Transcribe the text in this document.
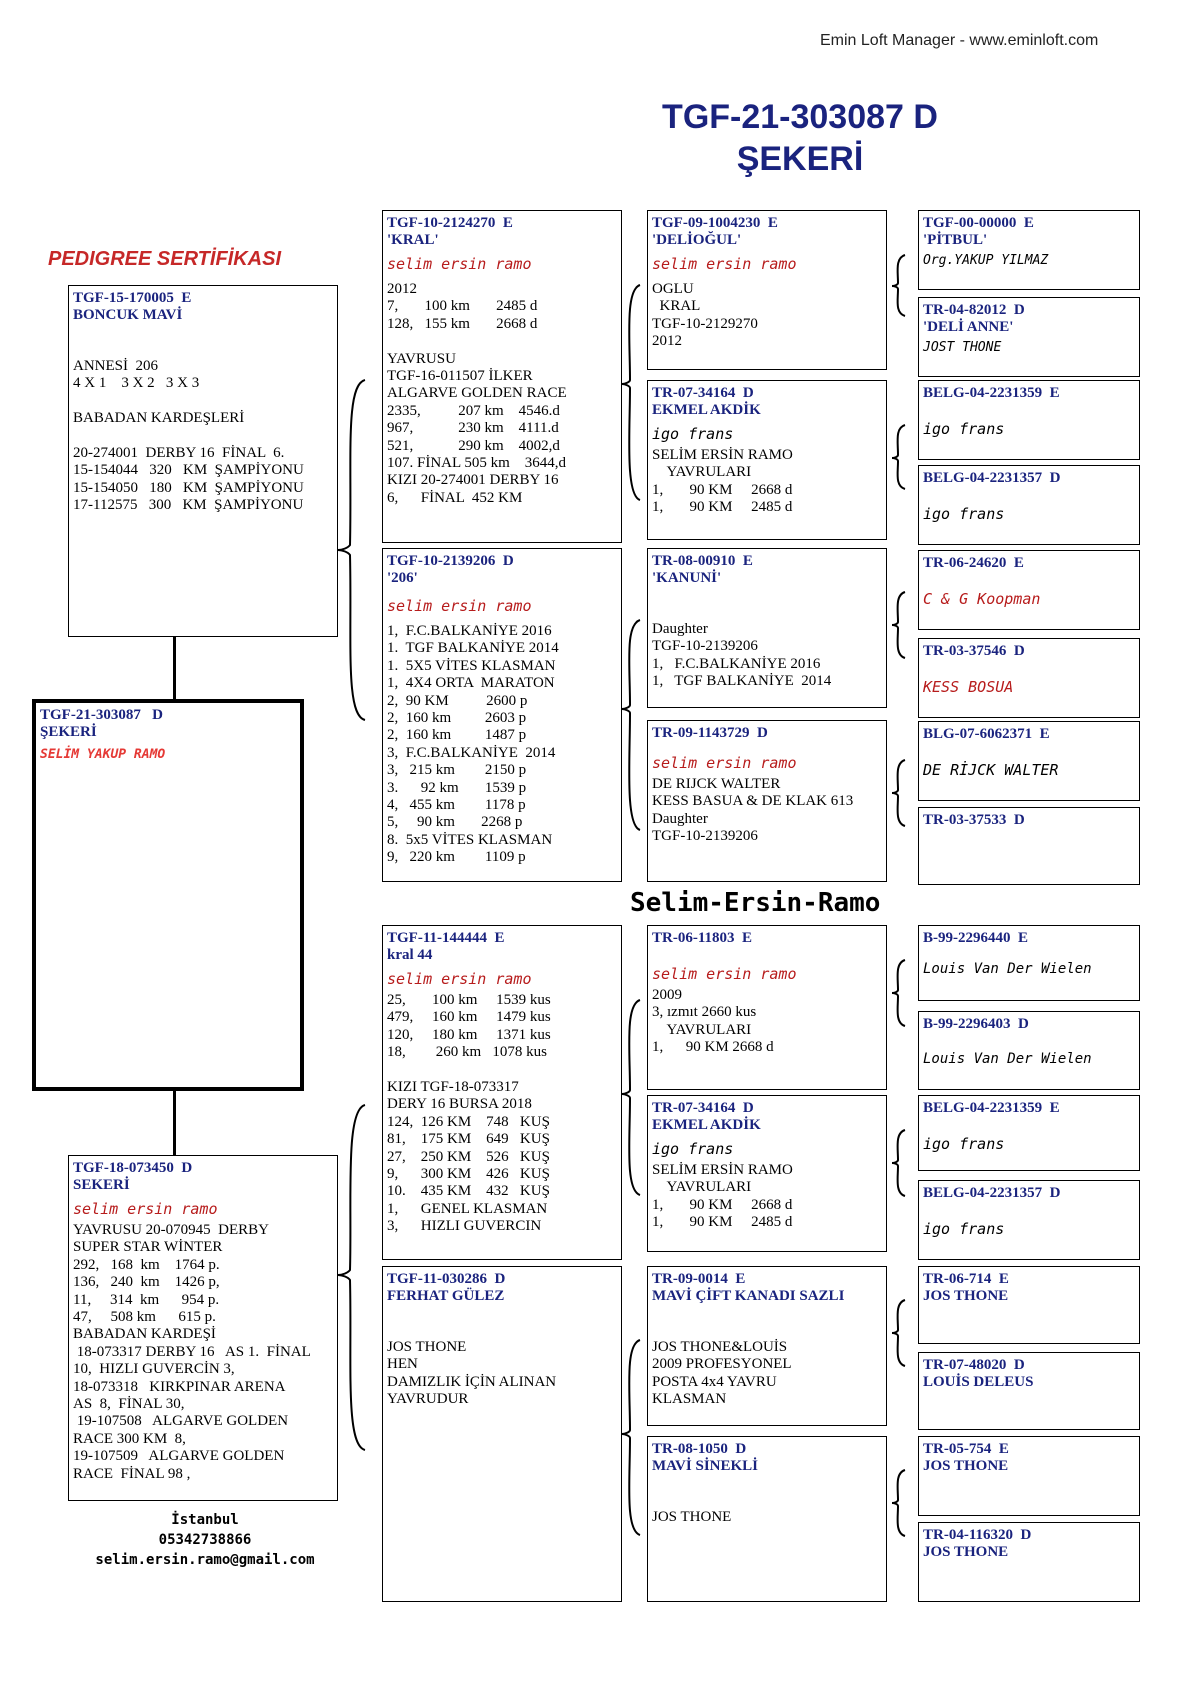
Emin Loft Manager - www.eminloft.com
TGF-21-303087 D
ŞEKERİ
PEDIGREE SERTİFİKASI
Selim-Ersin-Ramo
TGF-15-170005  E
BONCUK MAVİ
ANNESİ  206
4 X 1    3 X 2   3 X 3

BABADAN KARDEŞLERİ

20-274001  DERBY 16  FİNAL  6.
15-154044   320   KM  ŞAMPİYONU
15-154050   180   KM  ŞAMPİYONU
17-112575   300   KM  ŞAMPİYONU
TGF-21-303087   D
ŞEKERİ
SELİM YAKUP RAMO
TGF-18-073450  D
SEKERİ
selim ersin ramo
YAVRUSU 20-070945  DERBY
SUPER STAR WİNTER
292,   168  km    1764 p.
136,   240  km    1426 p,
11,     314  km      954 p.
47,     508 km      615 p.
BABADAN KARDEŞİ
18-073317 DERBY 16   AS 1.  FİNAL
10,  HIZLI GUVERCİN 3,
18-073318   KIRKPINAR ARENA
AS  8,  FİNAL 30,
19-107508   ALGARVE GOLDEN
RACE 300 KM  8,
19-107509   ALGARVE GOLDEN
RACE  FİNAL 98 ,
İstanbul
05342738866
selim.ersin.ramo@gmail.com
TGF-10-2124270  E
'KRAL'
selim ersin ramo
2012
7,       100 km       2485 d
128,   155 km       2668 d

YAVRUSU
TGF-16-011507 İLKER
ALGARVE GOLDEN RACE
2335,          207 km    4546.d
967,            230 km    4111.d
521,            290 km    4002,d
107. FİNAL 505 km    3644,d
KIZI 20-274001 DERBY 16
6,      FİNAL  452 KM
TGF-10-2139206  D
'206'
selim ersin ramo
1,  F.C.BALKANİYE 2016
1.  TGF BALKANİYE 2014
1.  5X5 VİTES KLASMAN
1,  4X4 ORTA  MARATON
2,  90 KM          2600 p
2,  160 km         2603 p
2,  160 km         1487 p
3,  F.C.BALKANİYE  2014
3,   215 km        2150 p
3.      92 km       1539 p
4,   455 km        1178 p
5,     90 km       2268 p
8.  5x5 VİTES KLASMAN
9,   220 km        1109 p
TGF-09-1004230  E
'DELİOĞUL'
selim ersin ramo
OGLU
KRAL
TGF-10-2129270
2012
TR-07-34164  D
EKMEL AKDİK
igo frans
SELİM ERSİN RAMO
YAVRULARI
1,       90 KM     2668 d
1,       90 KM     2485 d
TR-08-00910  E
'KANUNİ'
Daughter
TGF-10-2139206
1,   F.C.BALKANİYE 2016
1,   TGF BALKANİYE  2014
TR-09-1143729  D
selim ersin ramo
DE RIJCK WALTER
KESS BASUA & DE KLAK 613
Daughter
TGF-10-2139206
TGF-00-00000  E
'PİTBUL'
Org.YAKUP YILMAZ
TR-04-82012  D
'DELİ ANNE'
JOST THONE
BELG-04-2231359  E
igo frans
BELG-04-2231357  D
igo frans
TR-06-24620  E
C & G Koopman
TR-03-37546  D
KESS BOSUA
BLG-07-6062371  E
DE RİJCK WALTER
TR-03-37533  D
TGF-11-144444  E
kral 44
selim ersin ramo
25,       100 km     1539 kus
479,     160 km     1479 kus
120,     180 km     1371 kus
18,        260 km   1078 kus

KIZI TGF-18-073317
DERY 16 BURSA 2018
124,  126 KM    748   KUŞ
81,    175 KM    649   KUŞ
27,    250 KM    526   KUŞ
9,      300 KM    426   KUŞ
10.    435 KM    432   KUŞ
1,      GENEL KLASMAN
3,      HIZLI GUVERCIN
TGF-11-030286  D
FERHAT GÜLEZ
JOS THONE
HEN
DAMIZLIK İÇİN ALINAN
YAVRUDUR
TR-06-11803  E
selim ersin ramo
2009
3, ızmıt 2660 kus
YAVRULARI
1,      90 KM 2668 d
TR-07-34164  D
EKMEL AKDİK
igo frans
SELİM ERSİN RAMO
YAVRULARI
1,       90 KM     2668 d
1,       90 KM     2485 d
TR-09-0014  E
MAVİ ÇİFT KANADI SAZLI
JOS THONE&LOUİS
2009 PROFESYONEL
POSTA 4x4 YAVRU
KLASMAN
TR-08-1050  D
MAVİ SİNEKLİ
JOS THONE
B-99-2296440  E
Louis Van Der Wielen
B-99-2296403  D
Louis Van Der Wielen
BELG-04-2231359  E
igo frans
BELG-04-2231357  D
igo frans
TR-06-714  E
JOS THONE
TR-07-48020  D
LOUİS DELEUS
TR-05-754  E
JOS THONE
TR-04-116320  D
JOS THONE
